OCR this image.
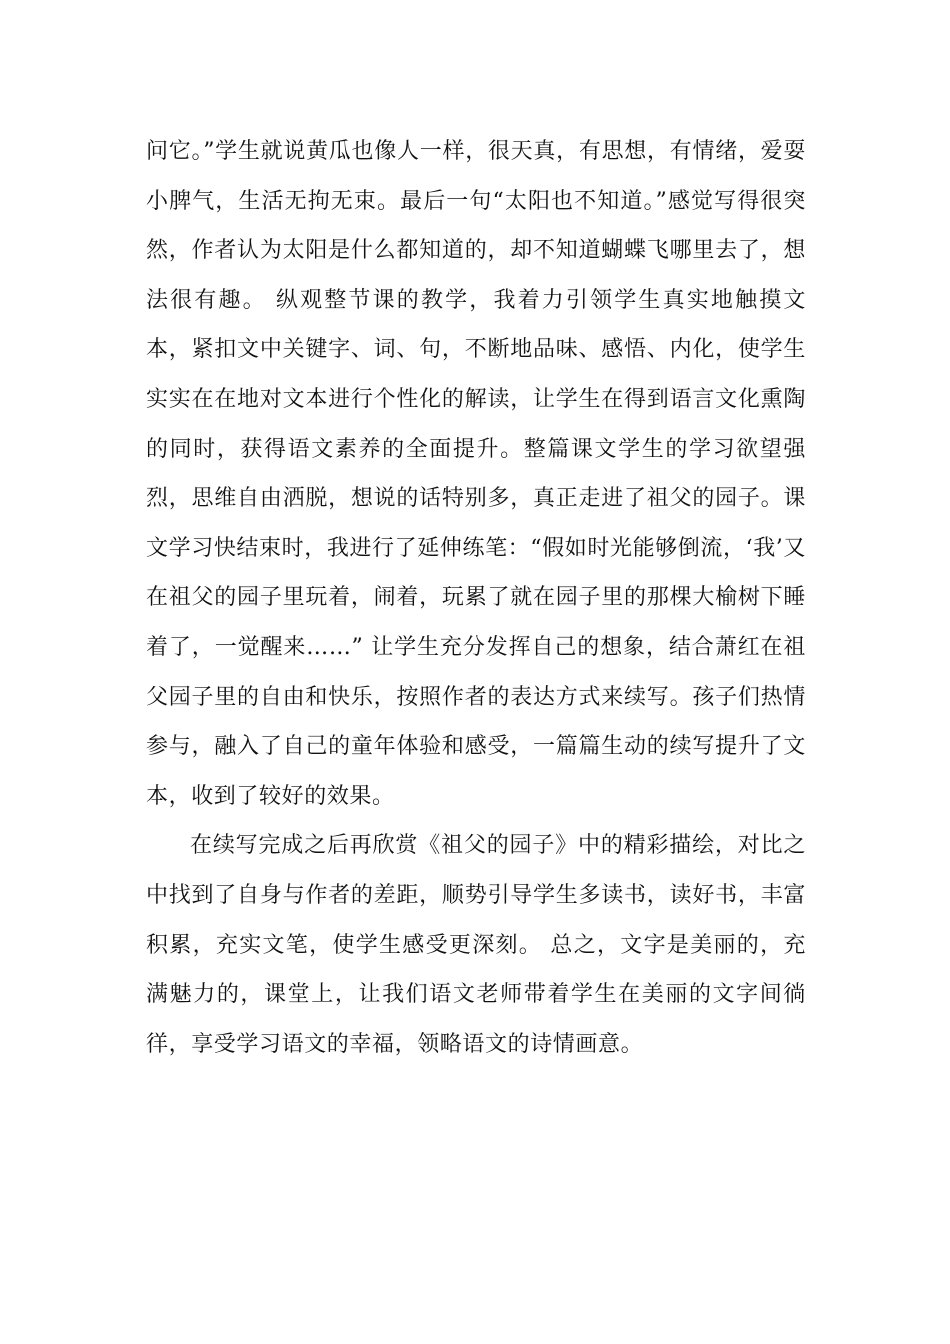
问它。”学生就说黄瓜也像人一样，很天真，有思想，有情绪，爱耍小脾气，生活无拘无束。最后一句“太阳也不知道。”感觉写得很突然，作者认为太阳是什么都知道的，却不知道蝴蝶飞哪里去了，想法很有趣。 纵观整节课的教学，我着力引领学生真实地触摸文本，紧扣文中关键字、词、句，不断地品味、感悟、内化，使学生实实在在地对文本进行个性化的解读，让学生在得到语言文化熏陶的同时，获得语文素养的全面提升。整篇课文学生的学习欲望强烈，思维自由洒脱，想说的话特别多，真正走进了祖父的园子。课文学习快结束时，我进行了延伸练笔：“假如时光能够倒流，‘我’又在祖父的园子里玩着，闹着，玩累了就在园子里的那棵大榆树下睡着了，一觉醒来……” 让学生充分发挥自己的想象，结合萧红在祖父园子里的自由和快乐，按照作者的表达方式来续写。孩子们热情参与，融入了自己的童年体验和感受，一篇篇生动的续写提升了文本，收到了较好的效果。

在续写完成之后再欣赏《祖父的园子》中的精彩描绘，对比之中找到了自身与作者的差距，顺势引导学生多读书，读好书，丰富积累，充实文笔，使学生感受更深刻。 总之，文字是美丽的，充满魅力的，课堂上，让我们语文老师带着学生在美丽的文字间徜徉，享受学习语文的幸福，领略语文的诗情画意。
